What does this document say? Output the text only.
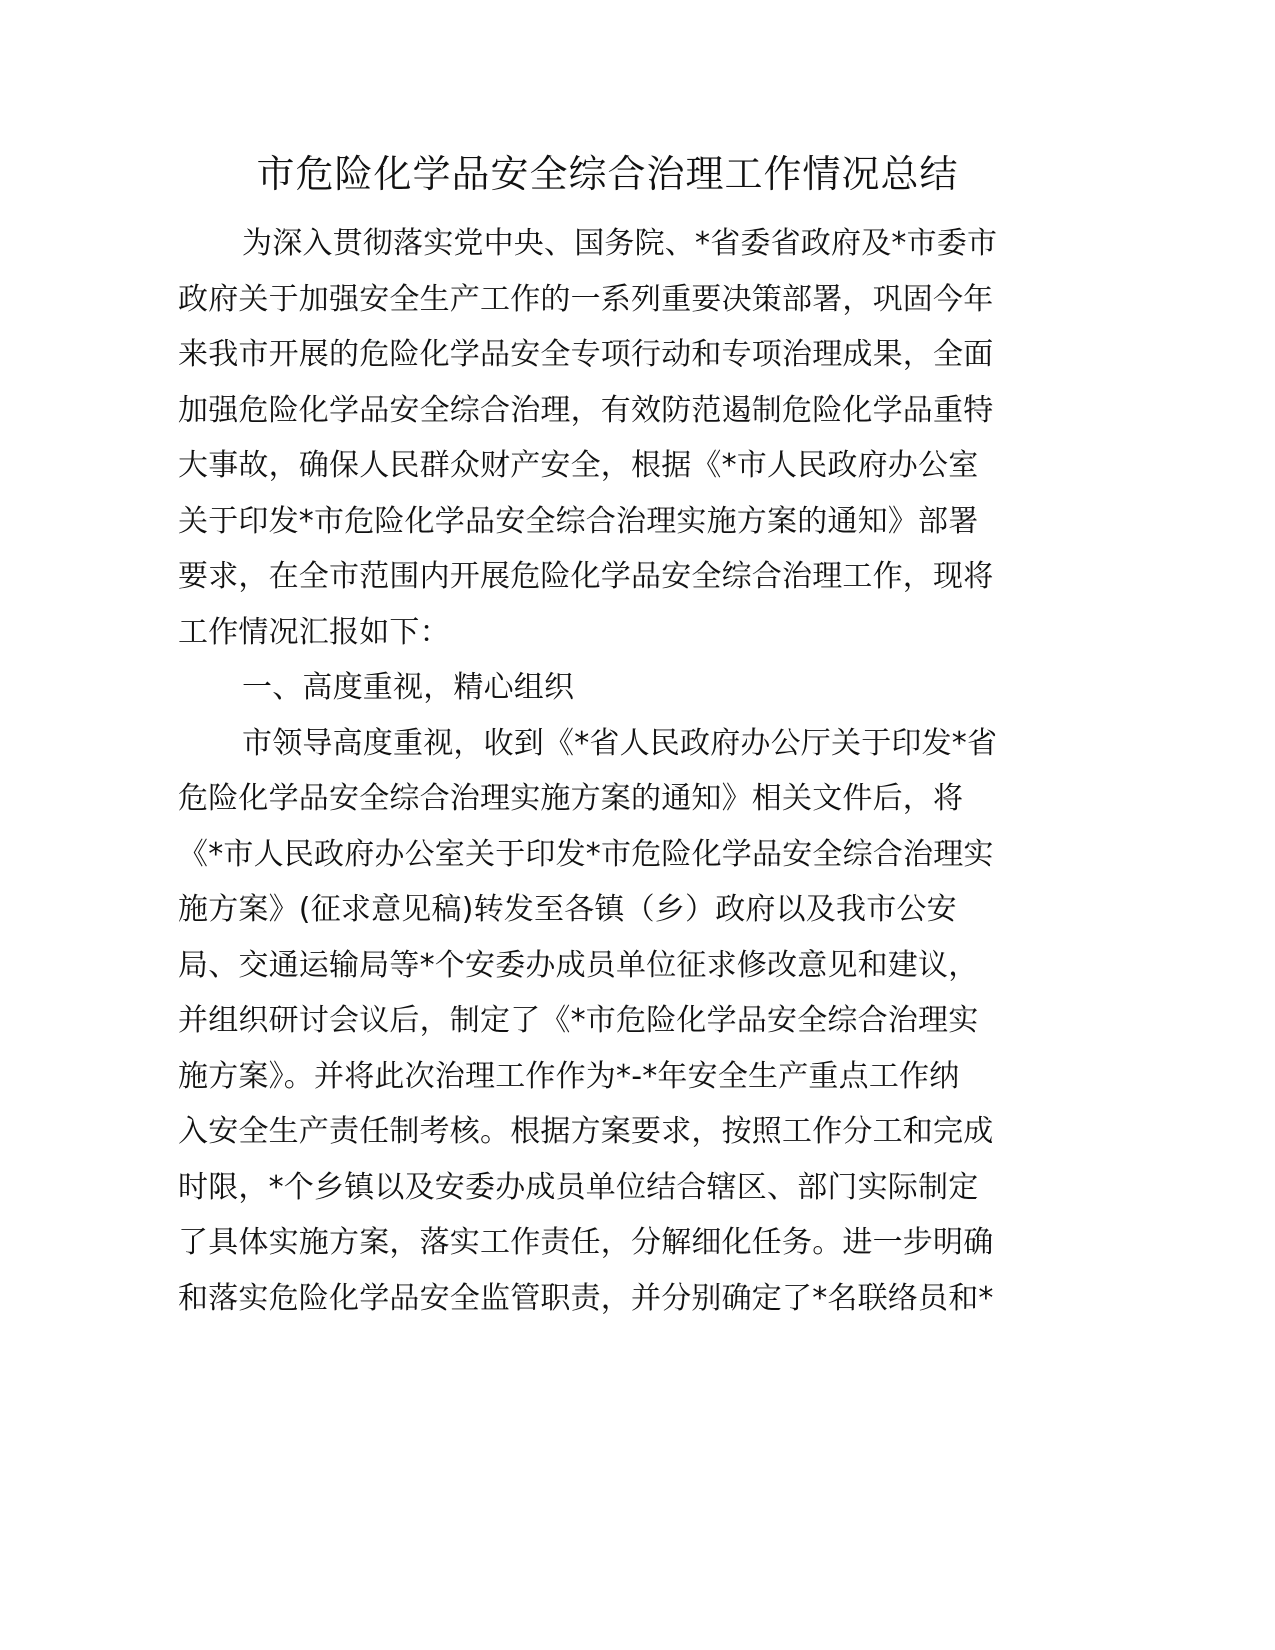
市危险化学品安全综合治理工作情况总结
为深入贯彻落实党中央、国务院、*省委省政府及*市委市
政府关于加强安全生产工作的一系列重要决策部署，巩固今年
来我市开展的危险化学品安全专项行动和专项治理成果，全面
加强危险化学品安全综合治理，有效防范遏制危险化学品重特
大事故，确保人民群众财产安全，根据《*市人民政府办公室
关于印发*市危险化学品安全综合治理实施方案的通知》部署
要求，在全市范围内开展危险化学品安全综合治理工作，现将
工作情况汇报如下：
一、高度重视，精心组织
市领导高度重视，收到《*省人民政府办公厅关于印发*省
危险化学品安全综合治理实施方案的通知》相关文件后，将
《*市人民政府办公室关于印发*市危险化学品安全综合治理实
施方案》(征求意见稿)转发至各镇（乡）政府以及我市公安
局、交通运输局等*个安委办成员单位征求修改意见和建议，
并组织研讨会议后，制定了《*市危险化学品安全综合治理实
施方案》。并将此次治理工作作为*-*年安全生产重点工作纳
入安全生产责任制考核。根据方案要求，按照工作分工和完成
时限，*个乡镇以及安委办成员单位结合辖区、部门实际制定
了具体实施方案，落实工作责任，分解细化任务。进一步明确
和落实危险化学品安全监管职责，并分别确定了*名联络员和*
